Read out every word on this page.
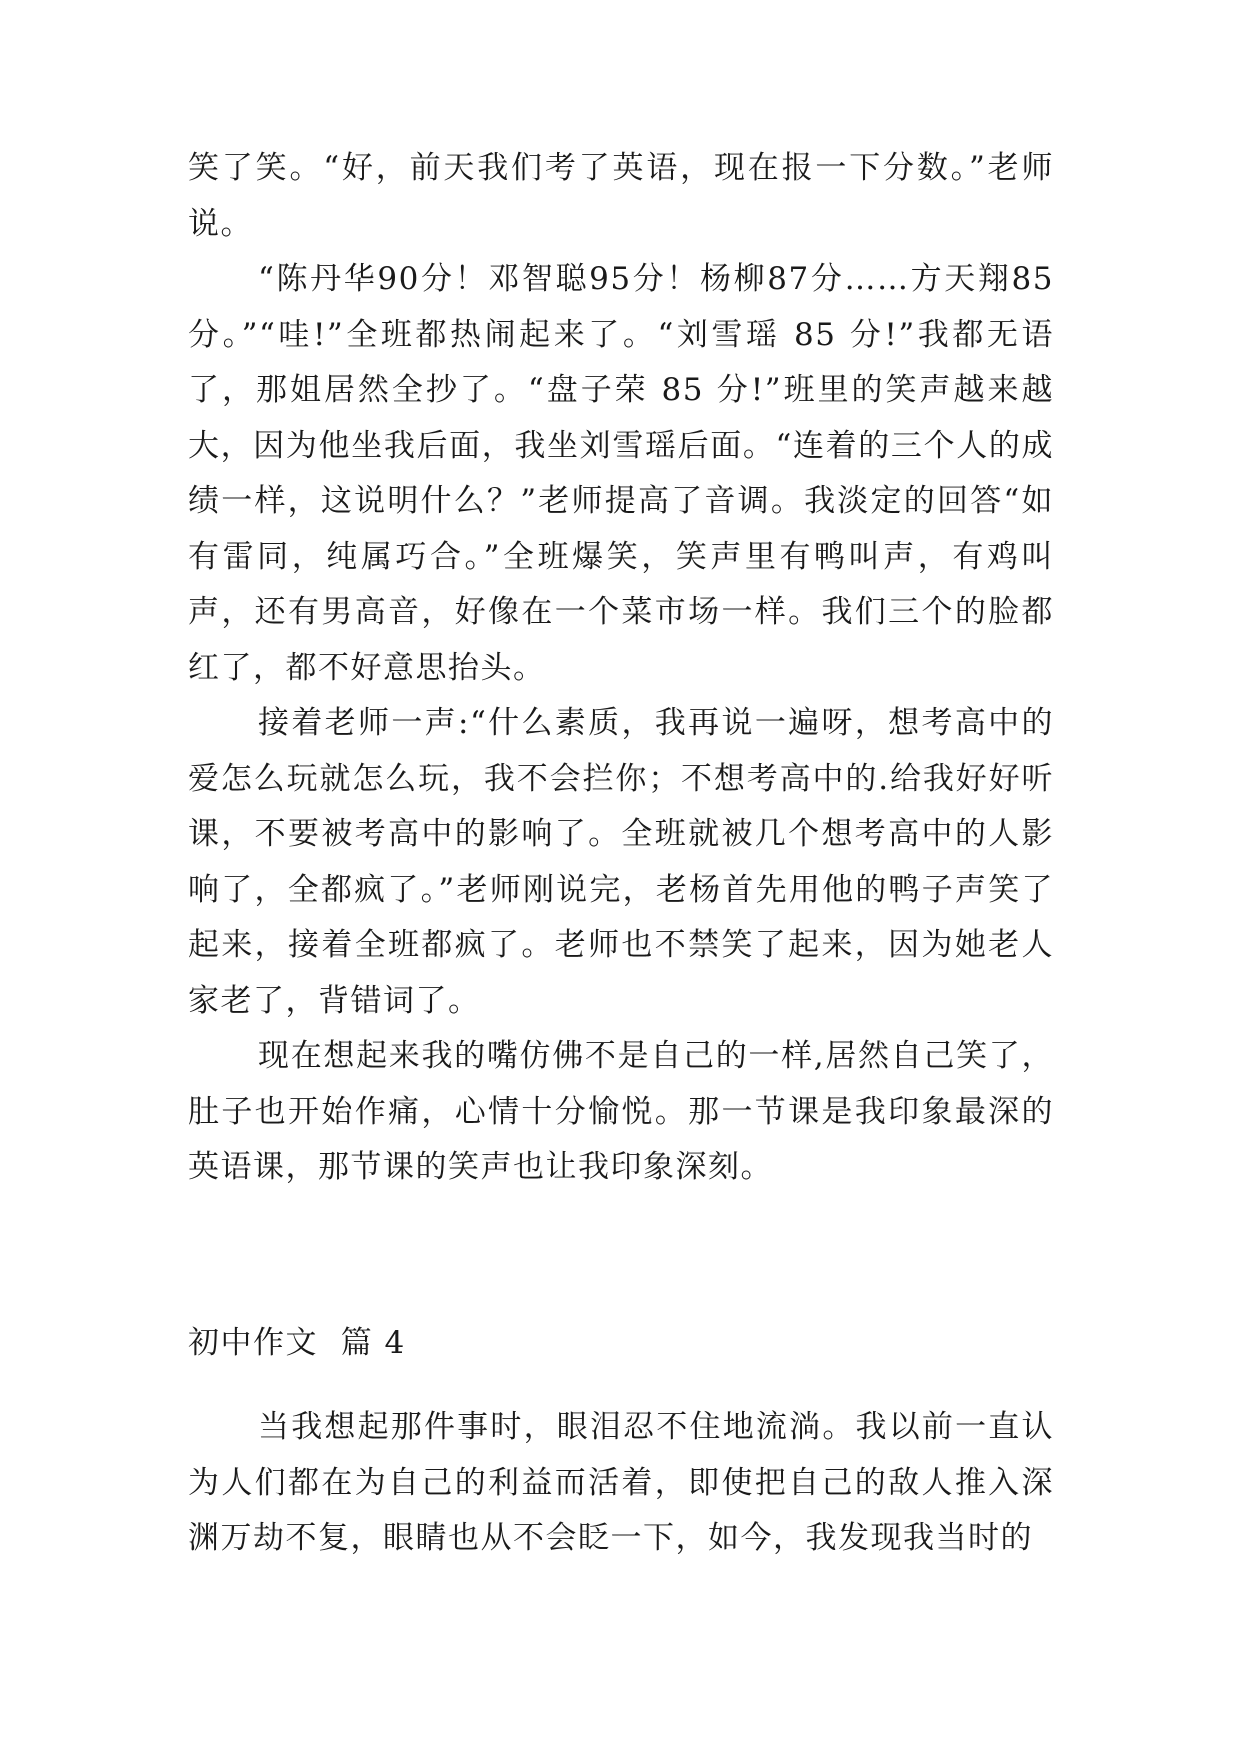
笑了笑。“好，前天我们考了英语，现在报一下分数。”老师说。

“陈丹华90分！邓智聪95分！杨柳87分……方天翔85分。”“哇!”全班都热闹起来了。“刘雪瑶 85 分!”我都无语了，那姐居然全抄了。“盘子荣 85 分!”班里的笑声越来越大，因为他坐我后面，我坐刘雪瑶后面。“连着的三个人的成绩一样，这说明什么？”老师提高了音调。我淡定的回答“如有雷同，纯属巧合。”全班爆笑，笑声里有鸭叫声，有鸡叫声，还有男高音，好像在一个菜市场一样。我们三个的脸都红了，都不好意思抬头。

接着老师一声:“什么素质，我再说一遍呀，想考高中的爱怎么玩就怎么玩，我不会拦你；不想考高中的.给我好好听课，不要被考高中的影响了。全班就被几个想考高中的人影响了，全都疯了。”老师刚说完，老杨首先用他的鸭子声笑了起来，接着全班都疯了。老师也不禁笑了起来，因为她老人家老了，背错词了。

现在想起来我的嘴仿佛不是自己的一样,居然自己笑了，肚子也开始作痛，心情十分愉悦。那一节课是我印象最深的英语课，那节课的笑声也让我印象深刻。

初中作文  篇 4

当我想起那件事时，眼泪忍不住地流淌。我以前一直认为人们都在为自己的利益而活着，即使把自己的敌人推入深渊万劫不复，眼睛也从不会眨一下，如今，我发现我当时的
